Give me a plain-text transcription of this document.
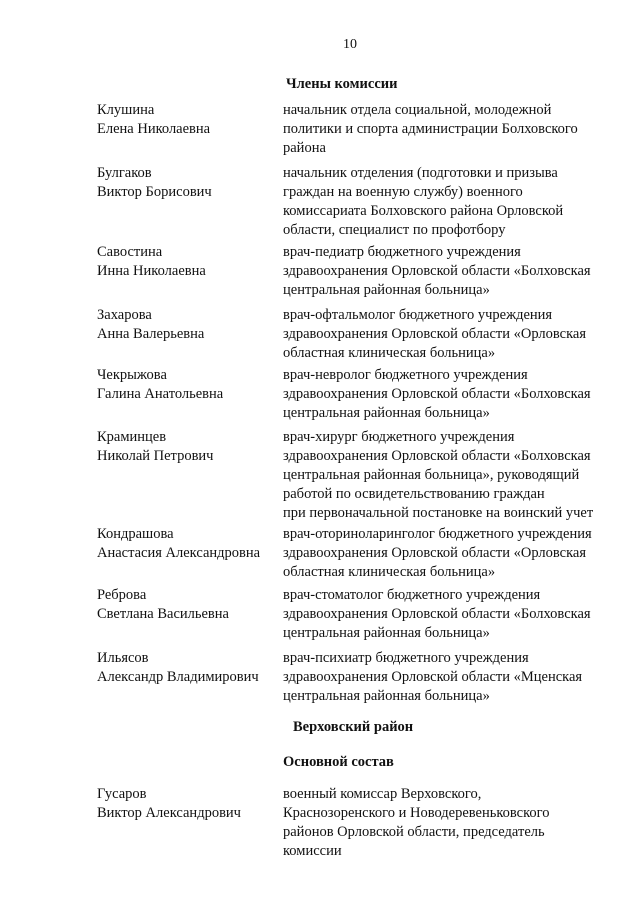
10
Члены комиссии
Клушина
Елена Николаевна
начальник отдела социальной, молодежной
политики и спорта администрации Болховского
района
Булгаков
Виктор Борисович
начальник отделения (подготовки и призыва
граждан на военную службу) военного
комиссариата Болховского района Орловской
области, специалист по профотбору
Савостина
Инна Николаевна
врач-педиатр бюджетного учреждения
здравоохранения Орловской области «Болховская
центральная районная больница»
Захарова
Анна Валерьевна
врач-офтальмолог бюджетного учреждения
здравоохранения Орловской области «Орловская
областная клиническая больница»
Чекрыжова
Галина Анатольевна
врач-невролог бюджетного учреждения
здравоохранения Орловской области «Болховская
центральная районная больница»
Краминцев
Николай Петрович
врач-хирург бюджетного учреждения
здравоохранения Орловской области «Болховская
центральная районная больница», руководящий
работой по освидетельствованию граждан
при первоначальной постановке на воинский учет
Кондрашова
Анастасия Александровна
врач-оториноларинголог бюджетного учреждения
здравоохранения Орловской области «Орловская
областная клиническая больница»
Реброва
Светлана Васильевна
врач-стоматолог бюджетного учреждения
здравоохранения Орловской области «Болховская
центральная районная больница»
Ильясов
Александр Владимирович
врач-психиатр бюджетного учреждения
здравоохранения Орловской области «Мценская
центральная районная больница»
Верховский район
Основной состав
Гусаров
Виктор Александрович
военный комиссар Верховского,
Краснозоренского и Новодеревеньковского
районов Орловской области, председатель
комиссии
